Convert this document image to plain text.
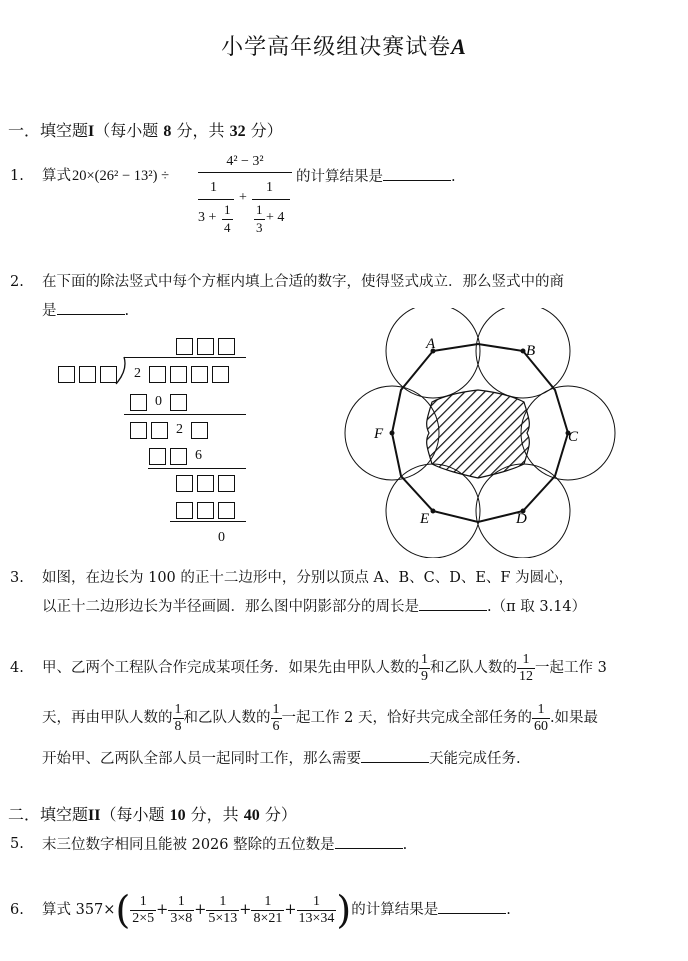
小学高年级组决赛试卷A
一．填空题I（每小题 8 分，共 32 分）
1. 算式 20×(26² − 13²) ÷
4² − 3²
1
3 +
1
4
+
1
1
3
+ 4
的计算结果是	.
2. 在下面的除法竖式中每个方框内填上合适的数字，使得竖式成立．那么竖式中的商
是	.
2
0
2
6
0
A	B
C
D
E
F
3. 如图，在边长为 100 的正十二边形中，分别以顶点 A、B、C、D、E、F 为圆心，
以正十二边形边长为半径画圆．那么图中阴影部分的周长是	.（π 取 3.14）
4. 甲、乙两个工程队合作完成某项任务．如果先由甲队人数的 $\frac{1}{9}$ 和乙队人数的 $\frac{1}{12}$ 一起工作 3
天，再由甲队人数的 $\frac{1}{8}$ 和乙队人数的 $\frac{1}{6}$ 一起工作 2 天，恰好共完成全部任务的 $\frac{1}{60}$ .如果最
开始甲、乙两队全部人员一起同时工作，那么需要	天能完成任务.
二．填空题II（每小题 10 分，共 40 分）
5. 末三位数字相同且能被 2026 整除的五位数是	.
6. 算式 $357\times( \frac{1}{2\times 5} + \frac{1}{3\times 8} + \frac{1}{5\times 13} + \frac{1}{8\times 21} + \frac{1}{13\times 34}$ )的计算结果是	.
